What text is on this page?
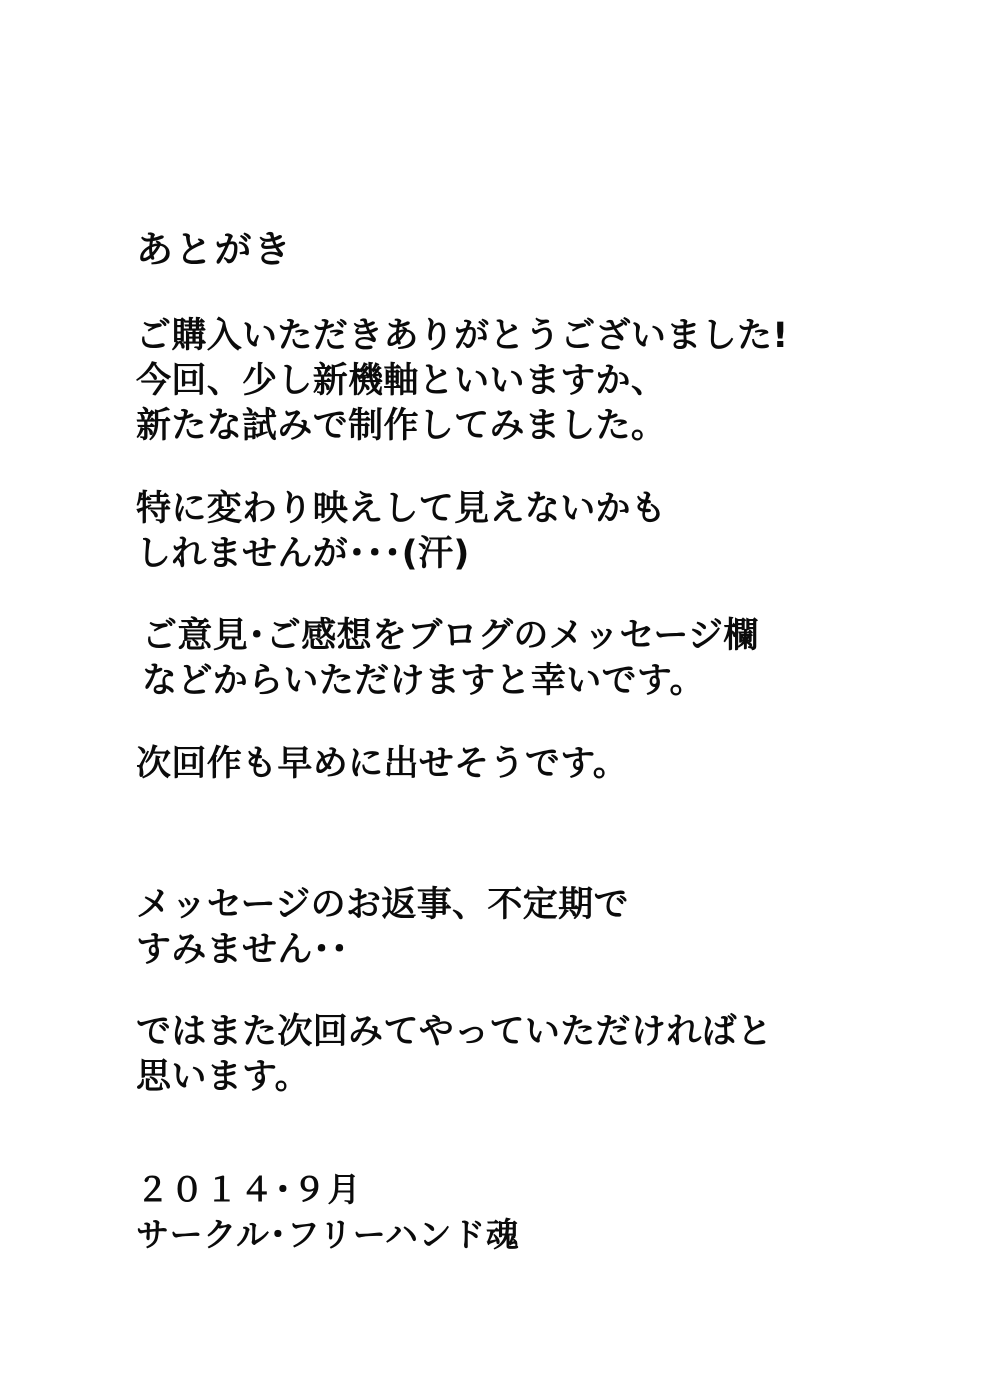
あとがき

ご購入いただきありがとうございました!

今回、少し新機軸といいますか、

新たな試みで制作してみました。

特に変わり映えして見えないかも

しれませんが･･･(汗)

ご意見･ご感想をブログのメッセージ欄

などからいただけますと幸いです。

次回作も早めに出せそうです。

メッセージのお返事、不定期で

すみません･･

ではまた次回みてやっていただければと

思います。

２０１４･９月

サークル･フリーハンド魂
